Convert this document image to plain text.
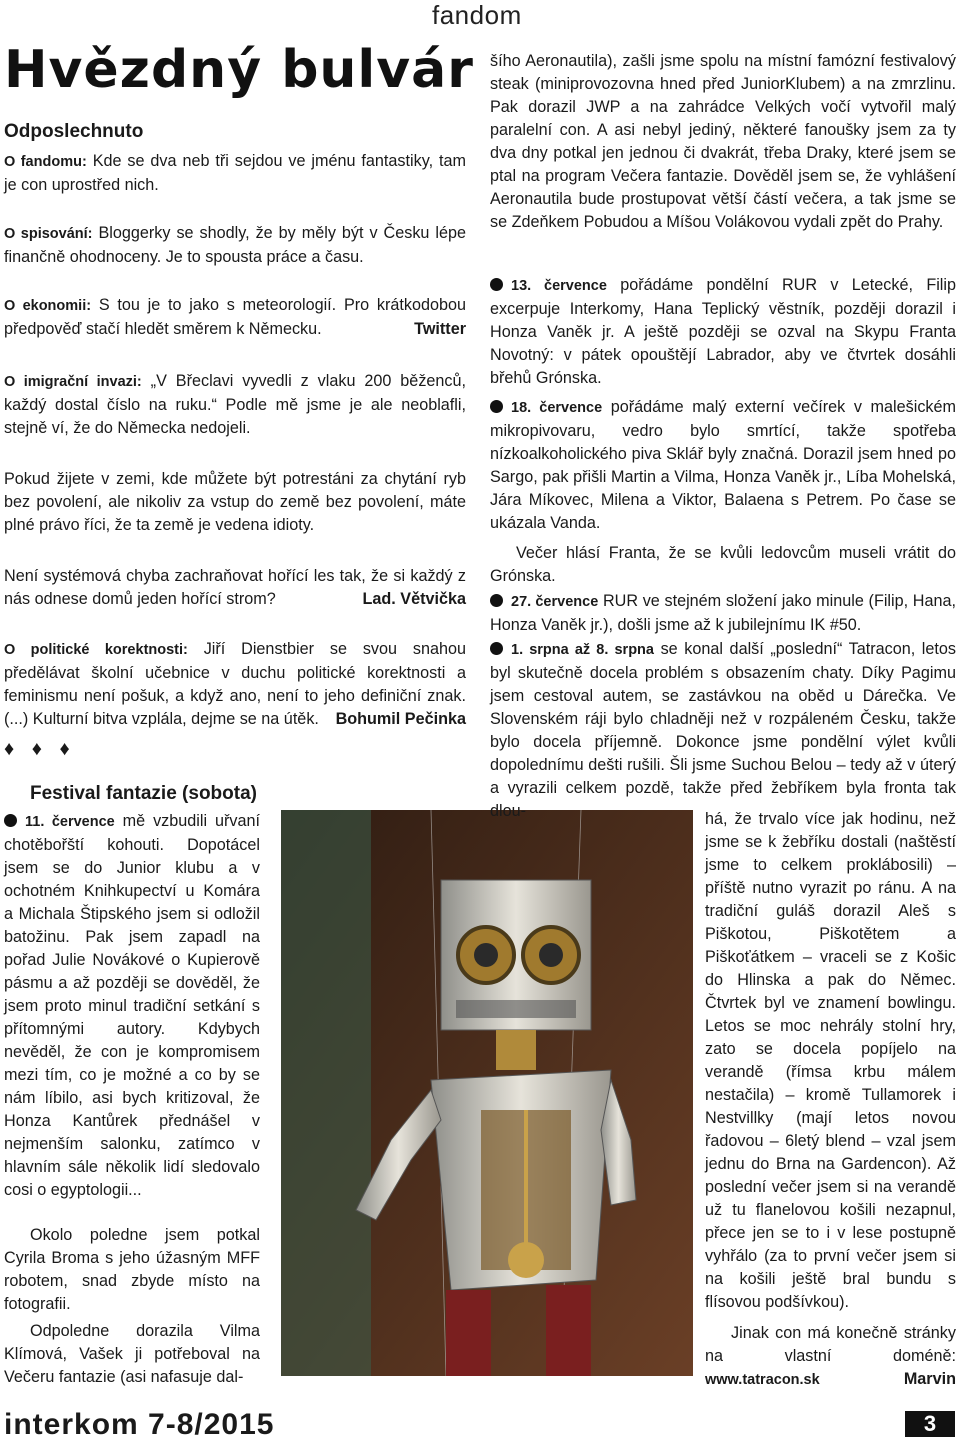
fandom
Hvězdný bulvár
Odposlechnuto

O fandomu: Kde se dva neb tři sejdou ve jménu fantastiky, tam je con uprostřed nich.

O spisování: Bloggerky se shodly, že by měly být v Česku lépe finančně ohodnoceny. Je to spousta práce a času.

O ekonomii: S tou je to jako s meteorologií. Pro krátkodobou předpověď stačí hledět směrem k Německu.	Twitter

O imigrační invazi: „V Břeclavi vyvedli z vlaku 200 běženců, každý dostal číslo na ruku.“ Podle mě jsme je ale neoblafli, stejně ví, že do Německa nedojeli.

Pokud žijete v zemi, kde můžete být potrestáni za chytání ryb bez povolení, ale nikoliv za vstup do země bez povolení, máte plné právo říci, že ta země je vedena idioty.

Není systémová chyba zachraňovat hořící les tak, že si každý z nás odnese domů jeden hořící strom?	Lad. Větvička

O politické korektnosti: Jiří Dienstbier se svou snahou předělávat školní učebnice v duchu politické korektnosti a feminismu není pošuk, a když ano, není to jeho definiční znak. (...) Kulturní bitva vzplála, dejme se na útěk. Bohumil Pečinka

♦ ♦ ♦
Festival fantazie (sobota)

11. července mě vzbudili uřvaní chotěbořští kohouti. Dopotácel jsem se do Junior klubu a v ochotném Knihkupectví u Komára a Michala Štipského jsem si odložil batožinu. Pak jsem zapadl na pořad Julie Novákové o Kupierově pásmu a až později se dověděl, že jsem proto minul tradiční setkání s přítomnými autory. Kdybych nevěděl, že con je kompromisem mezi tím, co je možné a co by se nám líbilo, asi bych kritizoval, že Honza Kantůrek přednášel v nejmenším salonku, zatímco v hlavním sále několik lidí sledovalo cosi o egyptologii...

Okolo poledne jsem potkal Cyrila Broma s jeho úžasným MFF robotem, snad zbyde místo na fotografii.

Odpoledne dorazila Vilma Klímová, Vašek ji potřeboval na Večeru fantazie (asi nafasuje dal-

šího Aeronautila), zašli jsme spolu na místní famózní festivalový steak (miniprovozovna hned před JuniorKlubem) a na zmrzlinu. Pak dorazil JWP a na zahrádce Velkých vočí vytvořil malý paralelní con. A asi nebyl jediný, některé fanoušky jsem za ty dva dny potkal jen jednou či dvakrát, třeba Draky, které jsem se ptal na program Večera fantazie. Dověděl jsem se, že vyhlášení Aeronautila bude prostupovat větší částí večera, a tak jsme se se Zdeňkem Pobudou a Míšou Volákovou vydali zpět do Prahy.

13. července pořádáme pondělní RUR v Letecké, Filip excerpuje Interkomy, Hana Teplický věstník, později dorazil i Honza Vaněk jr. A ještě později se ozval na Skypu Franta Novotný: v pátek opouštějí Labrador, aby ve čtvrtek dosáhli břehů Grónska.

18. července pořádáme malý externí večírek v malešickém mikropivovaru, vedro bylo smrtící, takže spotřeba nízkoalkoholického piva Sklář byly značná. Dorazil jsem hned po Sargo, pak přišli Martin a Vilma, Honza Vaněk jr., Líba Mohelská, Jára Míkovec, Milena a Viktor, Balaena s Petrem. Po čase se ukázala Vanda.

Večer hlásí Franta, že se kvůli ledovcům museli vrátit do Grónska.

27. července RUR ve stejném složení jako minule (Filip, Hana, Honza Vaněk jr.), došli jsme až k jubilejnímu IK #50.

1. srpna až 8. srpna se konal další „poslední“ Tatracon, letos byl skutečně docela problém s obsazením chaty. Díky Pagimu jsem cestoval autem, se zastávkou na oběd u Dárečka. Ve Slovenském ráji bylo chladněji než v rozpáleném Česku, takže bylo docela příjemně. Dokonce jsme pondělní výlet kvůli dopolednímu dešti rušili. Šli jsme Suchou Belou – tedy až v úterý a vyrazili celkem pozdě, takže před žebříkem byla fronta tak dlou-	há, že trvalo více jak hodinu, než jsme se k žebříku dostali (naštěstí jsme to celkem proklábosili) – příště nutno vyrazit po ránu. A na tradiční guláš dorazil Aleš s Piškotou, Piškotětem a Piškoťátkem – vraceli se z Košic do Hlinska a pak do Němec. Čtvrtek byl ve znamení bowlingu. Letos se moc nehrály stolní hry, zato se docela popíjelo na verandě (římsa krbu málem nestačila) – kromě Tullamorek i Nestvillky (mají letos novou řadovou – 6letý blend – vzal jsem jednu do Brna na Gardencon). Až poslední večer jsem si na verandě už tu flanelovou košili nezapnul, přece jen se to i v lese postupně vyhřálo (za to první večer jsem si na košili ještě bral bundu s flísovou podšívkou).

Jinak con má konečně stránky na vlastní doméně: www.tatracon.sk	Marvin

interkom 7-8/2015	3
